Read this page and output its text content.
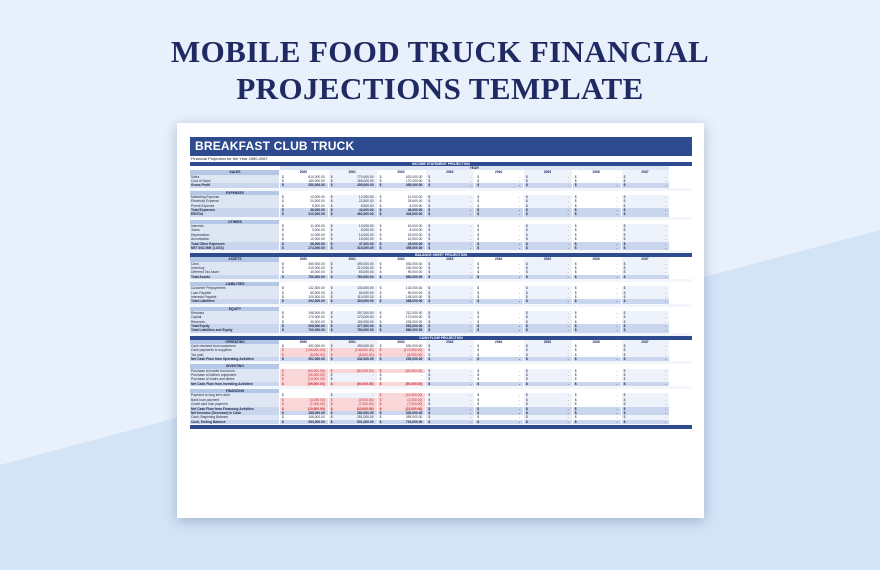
MOBILE FOOD TRUCK FINANCIAL
PROJECTIONS TEMPLATE
BREAKFAST CLUB TRUCK
Financial Projection for the Year 2060-2067
INCOME STATEMENT PROJECTION
YEAR
SALES	2060	2061	2062	2063	2064	2065	2066	2067
Sales	$	810,000.00 $	770,000.00 $	620,000.00 $	- $	- $	- $	- $	-
Cost of Sales	$	160,000.00 $	165,000.00 $	170,000.00 $	- $	- $	- $	- $	-
Gross Profit	$	350,000.00 $	405,000.00 $	450,000.00 $	- $	- $	- $	- $	-
EXPENSES
Marketing Expense	$	13,000.00 $	12,000.00 $	12,000.00 $	- $	- $	- $	- $	-
Electricity Expense	$	20,000.00 $	22,500.00 $	25,600.00 $	- $	- $	- $	- $	-
Permit Expense	$	5,000.00 $	8,500.00 $	8,000.00 $	- $	- $	- $	- $	-
Total Expenses	$	38,000.00 $	43,000.00 $	46,000.00 $	- $	- $	- $	- $	-
EBITDA	$	312,000.00 $	362,000.00 $	404,000.00 $	- $	- $	- $	- $	-
OTHERS
Interests	$	11,000.00 $	13,000.00 $	16,000.00 $	- $	- $	- $	- $	-
Taxes	$	3,000.00 $	5,000.00 $	8,000.00 $	- $	- $	- $	- $	-
Depreciation	$	12,000.00 $	14,000.00 $	15,000.00 $	- $	- $	- $	- $	-
Amortization	$	10,000.00 $	15,000.00 $	10,000.00 $	- $	- $	- $	- $	-
Total Other Expenses	$	38,000.00 $	47,000.00 $	49,000.00 $	- $	- $	- $	- $	-
NET INCOME (LOSS)	$	274,000.00 $	315,000.00 $	355,000.00 $	- $	- $	- $	- $	-
BALANCE SHEET PROJECTION
ASSETS	2060	2061	2062	2063	2064	2065	2066	2067
Cash	$	450,000.00 $	490,000.00 $	530,000.00 $	- $	- $	- $	- $	-
Inventory	$	210,000.00 $	210,000.00 $	240,000.00 $	- $	- $	- $	- $	-
Deferred Tax Asset	$	40,000.00 $	60,000.00 $	90,000.00 $	- $	- $	- $	- $	-
Total Assets	$	700,000.00 $	760,000.00 $	860,000.00 $	- $	- $	- $	- $	-
LIABILITIES
Customer Prepayments	$	132,000.00 $	133,000.00 $	133,000.00 $	- $	- $	- $	- $	-
Loan Payable	$	60,000.00 $	60,000.00 $	90,000.00 $	- $	- $	- $	- $	-
Interests Payable	$	100,000.00 $	110,000.00 $	145,000.00 $	- $	- $	- $	- $	-
Total Liabilities	$	292,000.00 $	303,000.00 $	368,000.00 $	- $	- $	- $	- $	-
EQUITY
Retained	$	198,000.00 $	297,000.00 $	212,000.00 $	- $	- $	- $	- $	-
Capital	$	170,000.00 $	170,000.00 $	170,000.00 $	- $	- $	- $	- $	-
Reserves	$	30,000.00 $	150,000.00 $	225,000.00 $	- $	- $	- $	- $	-
Total Equity	$	408,000.00 $	477,000.00 $	552,000.00 $	- $	- $	- $	- $	-
Total Liabilities and Equity	$	700,000.00 $	780,000.00 $	860,000.00 $	- $	- $	- $	- $	-
CASH FLOW PROJECTION
OPERATING	2060	2061	2062	2063	2064	2065	2066	2067
Cash received from customers	$	492,000.00 $	490,000.00 $	530,000.00 $	- $	- $	- $	- $	-
Cash payments to suppliers	$	(145,000.00) $	(145,000.00) $	(170,000.00) $	- $	- $	- $	- $	-
Tax paid	$	(8,000.00) $	(8,000.00) $	(8,000.00) $	- $	- $	- $	- $	-
Net Cash Flow from Operating Activities	$	302,000.00 $	342,000.00 $	292,000.00 $	- $	- $	- $	- $	-
INVESTING
Purchase of mobile food truck	$	(50,000.00) $	(50,000.00) $	(50,000.00) $	- $	- $	- $	- $	-
Purchase of kitchen equipment	$	(35,000.00) $	- $	- $	- $	- $	- $	- $	-
Purchase of chairs and tables	$	(10,000.00) $	- $	- $	- $	- $	- $	- $	-
Net Cash Flow from Investing Activities	$	(95,000.00) $	(50,000.00) $	(50,000.00) $	- $	- $	- $	- $	-
FINANCING
Payment to long term debt	$	- $	- $	(10,000.00) $	- $	- $	- $	- $	-
Bank loan payment	$	(3,000.00) $	(3,000.00) $	(3,000.00) $	- $	- $	- $	- $	-
Credit card loan payment	$	(7,000.00) $	(7,000.00) $	(7,000.00) $	- $	- $	- $	- $	-
Net Cash Flow from Financing Activities	$	(10,000.00) $	(10,000.00) $	(22,000.00) $	- $	- $	- $	- $	-
Net Increase (Decrease) in Cash	$	185,000.00 $	282,000.00 $	320,000.00 $	- $	- $	- $	- $	-
Cash, Beginning Balance	$	168,000.00 $	251,000.00 $	399,000.00 $	- $	- $	- $	- $	-
Cash, Ending Balance	$	353,000.00 $	531,000.00 $	719,000.00 $	- $	- $	- $	- $	-
